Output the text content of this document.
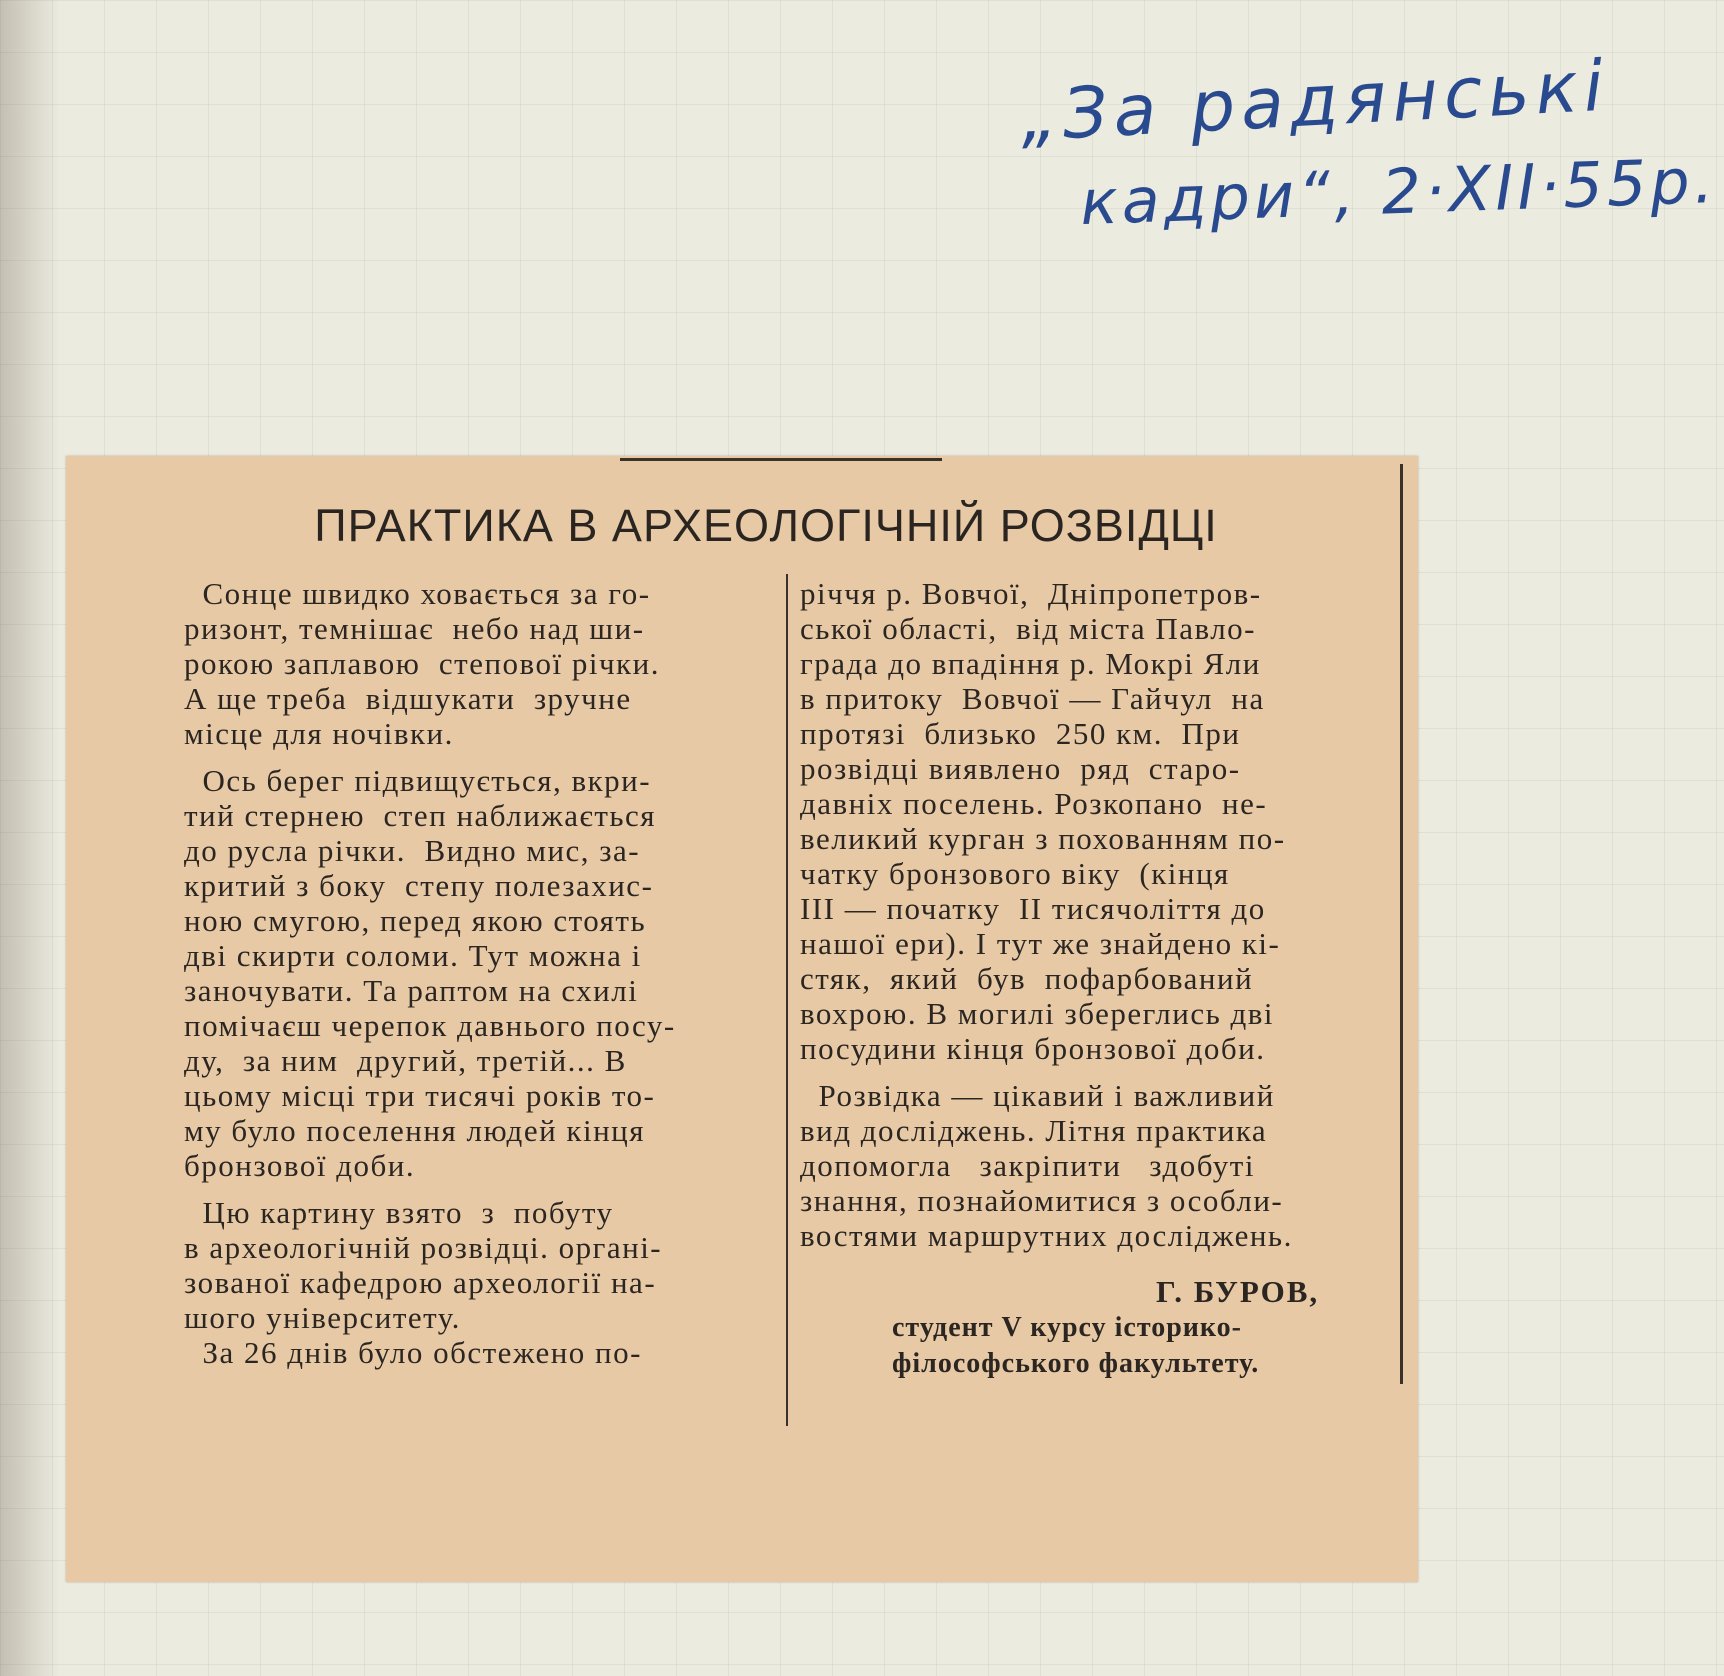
„За радянські
кадри“, 2·XII·55р.
ПРАКТИКА В АРХЕОЛОГІЧНІЙ РОЗВІДЦІ
Сонце швидко ховається за го-
ризонт, темнішає  небо над ши-
рокою заплавою  степової річки.
А ще треба  відшукати  зручне
місце для ночівки.
Ось берег підвищується, вкри-
тий стернею  степ наближається
до русла річки.  Видно мис, за-
критий з боку  степу полезахис-
ною смугою, перед якою стоять
дві скирти соломи. Тут можна і
заночувати. Та раптом на схилі
помічаєш черепок давнього посу-
ду,  за ним  другий, третій... В
цьому місці три тисячі років то-
му було поселення людей кінця
бронзової доби.
Цю картину взято  з  побуту
в археологічній розвідці. органі-
зованої кафедрою археології на-
шого університету.
За 26 днів було обстежено по-
річчя р. Вовчої,  Дніпропетров-
ської області,  від міста Павло-
града до впадіння р. Мокрі Яли
в притоку  Вовчої — Гайчул  на
протязі  близько  250 км.  При
розвідці виявлено  ряд  старо-
давніх поселень. Розкопано  не-
великий курган з похованням по-
чатку бронзового віку  (кінця
III — початку  II тисячоліття до
нашої ери). І тут же знайдено кі-
стяк,  який  був  пофарбований
вохрою. В могилі збереглись дві
посудини кінця бронзової доби.
Розвідка — цікавий і важливий
вид досліджень. Літня практика
допомогла   закріпити   здобуті
знання, познайомитися з особли-
востями маршрутних досліджень.
Г. БУРОВ,
студент V курсу історико-
філософського факультету.
